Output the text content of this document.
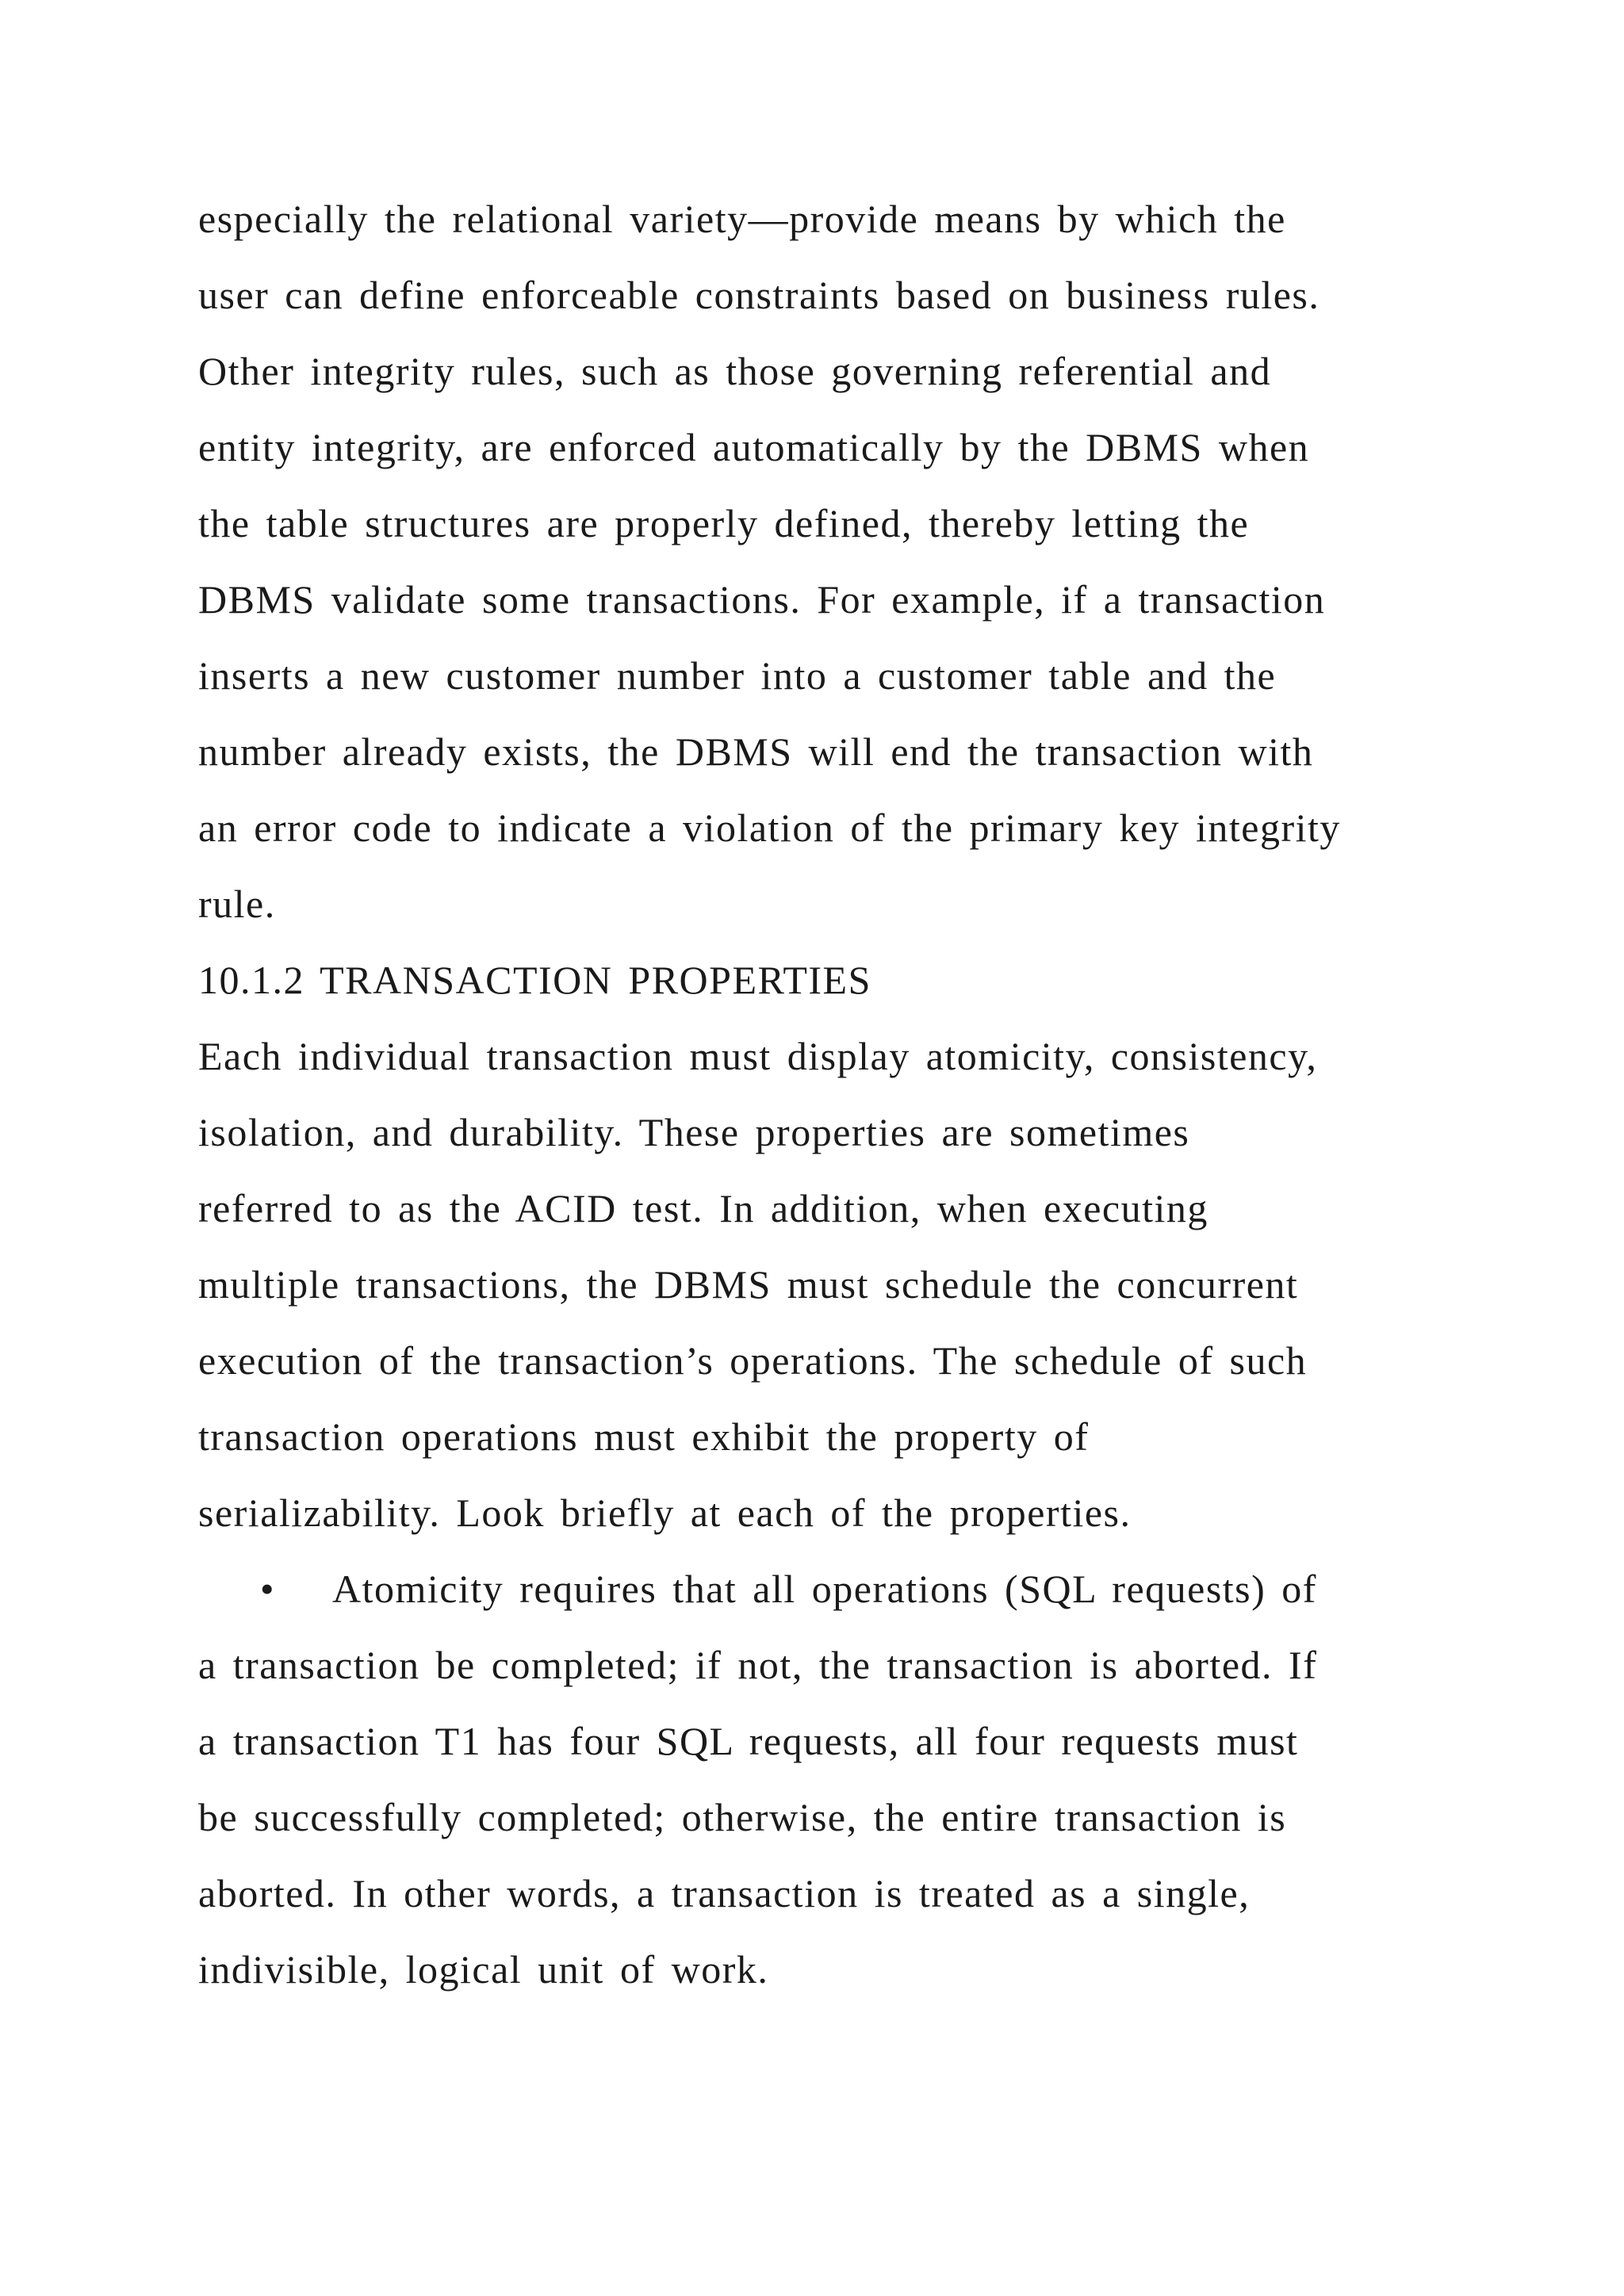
especially the relational variety—provide means by which the
user can define enforceable constraints based on business rules.
Other integrity rules, such as those governing referential and
entity integrity, are enforced automatically by the DBMS when
the table structures are properly defined, thereby letting the
DBMS validate some transactions. For example, if a transaction
inserts a new customer number into a customer table and the
number already exists, the DBMS will end the transaction with
an error code to indicate a violation of the primary key integrity
rule.
10.1.2 TRANSACTION PROPERTIES
Each individual transaction must display atomicity, consistency,
isolation, and durability. These properties are sometimes
referred to as the ACID test. In addition, when executing
multiple transactions, the DBMS must schedule the concurrent
execution of the transaction’s operations. The schedule of such
transaction operations must exhibit the property of
serializability. Look briefly at each of the properties.
• Atomicity requires that all operations (SQL requests) of
a transaction be completed; if not, the transaction is aborted. If
a transaction T1 has four SQL requests, all four requests must
be successfully completed; otherwise, the entire transaction is
aborted. In other words, a transaction is treated as a single,
indivisible, logical unit of work.
